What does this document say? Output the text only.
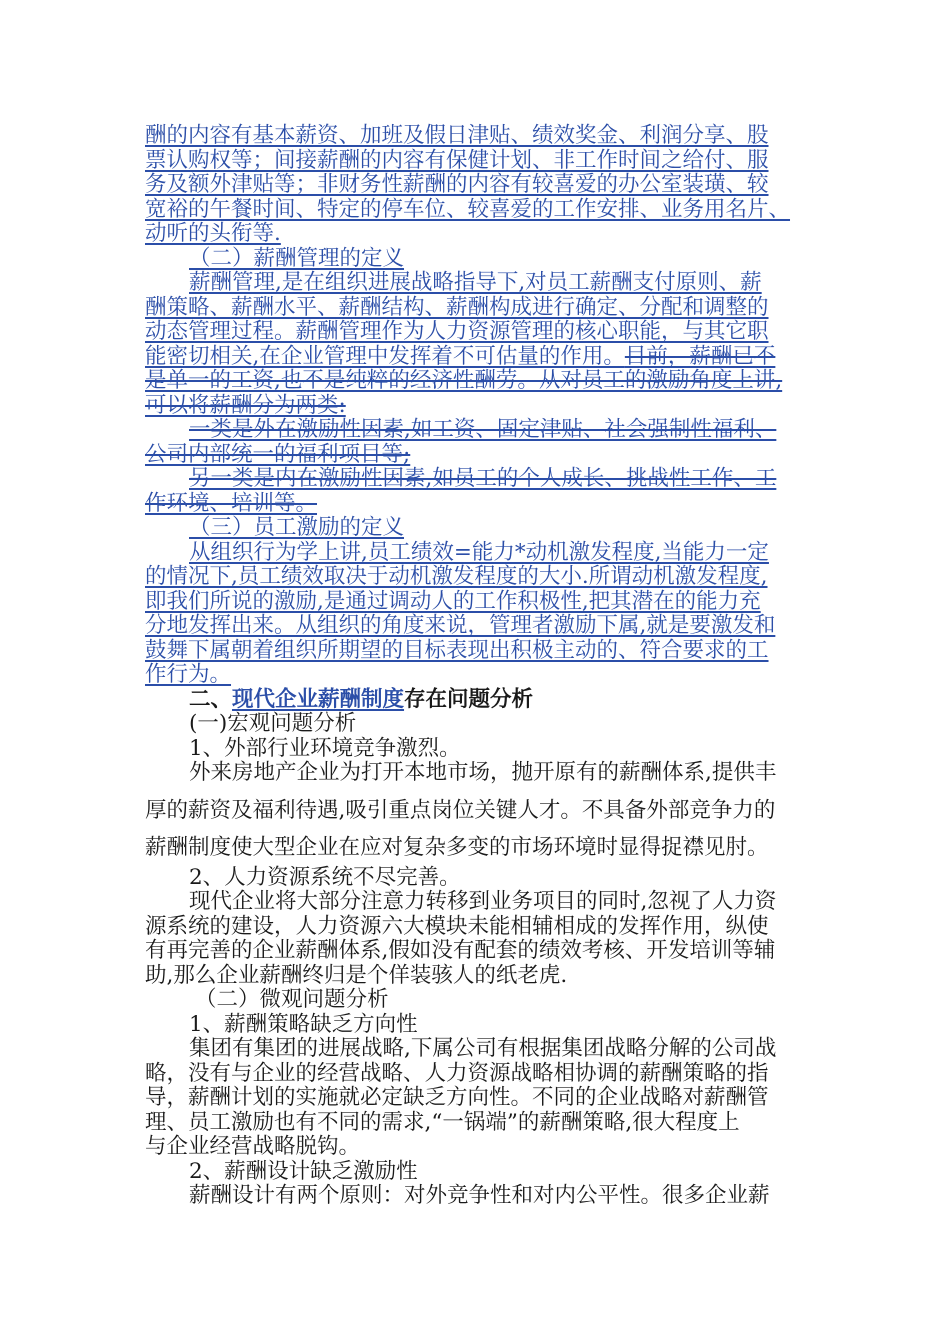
酬的内容有基本薪资、加班及假日津贴、绩效奖金、利润分享、股
票认购权等；间接薪酬的内容有保健计划、非工作时间之给付、服
务及额外津贴等；非财务性薪酬的内容有较喜爱的办公室装璜、较
宽裕的午餐时间、特定的停车位、较喜爱的工作安排、业务用名片、
动听的头衔等.
（二）薪酬管理的定义
薪酬管理,是在组织进展战略指导下,对员工薪酬支付原则、薪
酬策略、薪酬水平、薪酬结构、薪酬构成进行确定、分配和调整的
动态管理过程。薪酬管理作为人力资源管理的核心职能，与其它职
能密切相关,在企业管理中发挥着不可估量的作用。目前，薪酬已不
是单一的工资,也不是纯粹的经济性酬劳。从对员工的激励角度上讲,
可以将薪酬分为两类:
一类是外在激励性因素,如工资、固定津贴、社会强制性福利、
公司内部统一的福利项目等;
另一类是内在激励性因素,如员工的个人成长、挑战性工作、工
作环境、培训等。
（三）员工激励的定义
从组织行为学上讲,员工绩效=能力*动机激发程度,当能力一定
的情况下,员工绩效取决于动机激发程度的大小.所谓动机激发程度,
即我们所说的激励,是通过调动人的工作积极性,把其潜在的能力充
分地发挥出来。从组织的角度来说，管理者激励下属,就是要激发和
鼓舞下属朝着组织所期望的目标表现出积极主动的、符合要求的工
作行为。
二、现代企业薪酬制度存在问题分析
(一)宏观问题分析
1、外部行业环境竞争激烈。
外来房地产企业为打开本地市场，抛开原有的薪酬体系,提供丰
厚的薪资及福利待遇,吸引重点岗位关键人才。不具备外部竞争力的
薪酬制度使大型企业在应对复杂多变的市场环境时显得捉襟见肘。
2、人力资源系统不尽完善。
现代企业将大部分注意力转移到业务项目的同时,忽视了人力资
源系统的建设，人力资源六大模块未能相辅相成的发挥作用，纵使
有再完善的企业薪酬体系,假如没有配套的绩效考核、开发培训等辅
助,那么企业薪酬终归是个佯装骇人的纸老虎.
（二）微观问题分析
1、薪酬策略缺乏方向性
集团有集团的进展战略,下属公司有根据集团战略分解的公司战
略，没有与企业的经营战略、人力资源战略相协调的薪酬策略的指
导，薪酬计划的实施就必定缺乏方向性。不同的企业战略对薪酬管
理、员工激励也有不同的需求,“一锅端”的薪酬策略,很大程度上
与企业经营战略脱钩。
2、薪酬设计缺乏激励性
薪酬设计有两个原则：对外竞争性和对内公平性。很多企业薪
